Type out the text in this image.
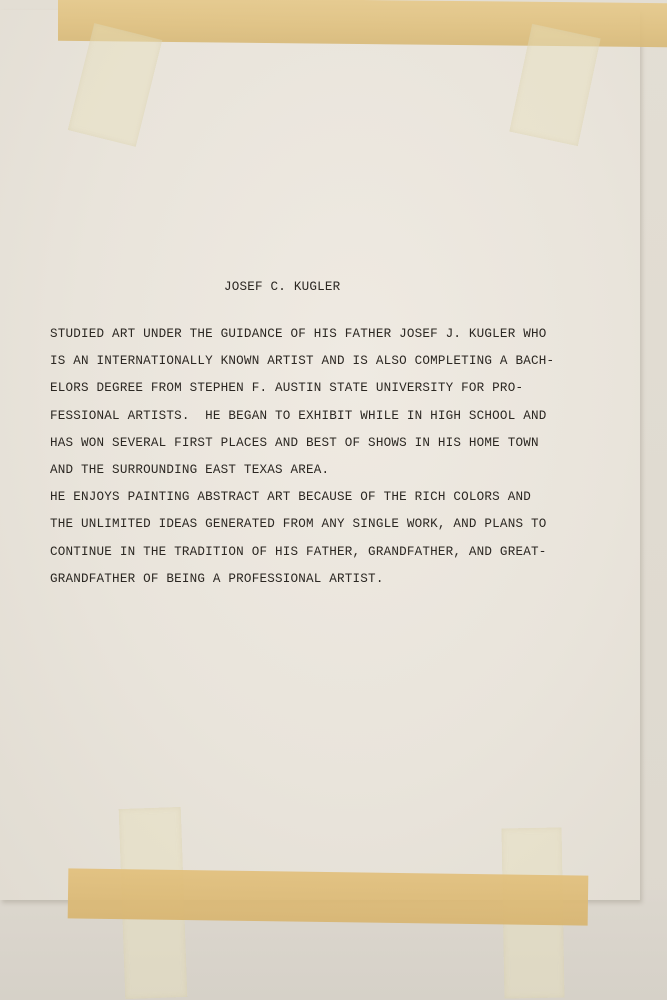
JOSEF C. KUGLER
STUDIED ART UNDER THE GUIDANCE OF HIS FATHER JOSEF J. KUGLER WHO
IS AN INTERNATIONALLY KNOWN ARTIST AND IS ALSO COMPLETING A BACH-
ELORS DEGREE FROM STEPHEN F. AUSTIN STATE UNIVERSITY FOR PRO-
FESSIONAL ARTISTS.  HE BEGAN TO EXHIBIT WHILE IN HIGH SCHOOL AND
HAS WON SEVERAL FIRST PLACES AND BEST OF SHOWS IN HIS HOME TOWN
AND THE SURROUNDING EAST TEXAS AREA.
HE ENJOYS PAINTING ABSTRACT ART BECAUSE OF THE RICH COLORS AND
THE UNLIMITED IDEAS GENERATED FROM ANY SINGLE WORK, AND PLANS TO
CONTINUE IN THE TRADITION OF HIS FATHER, GRANDFATHER, AND GREAT-
GRANDFATHER OF BEING A PROFESSIONAL ARTIST.
